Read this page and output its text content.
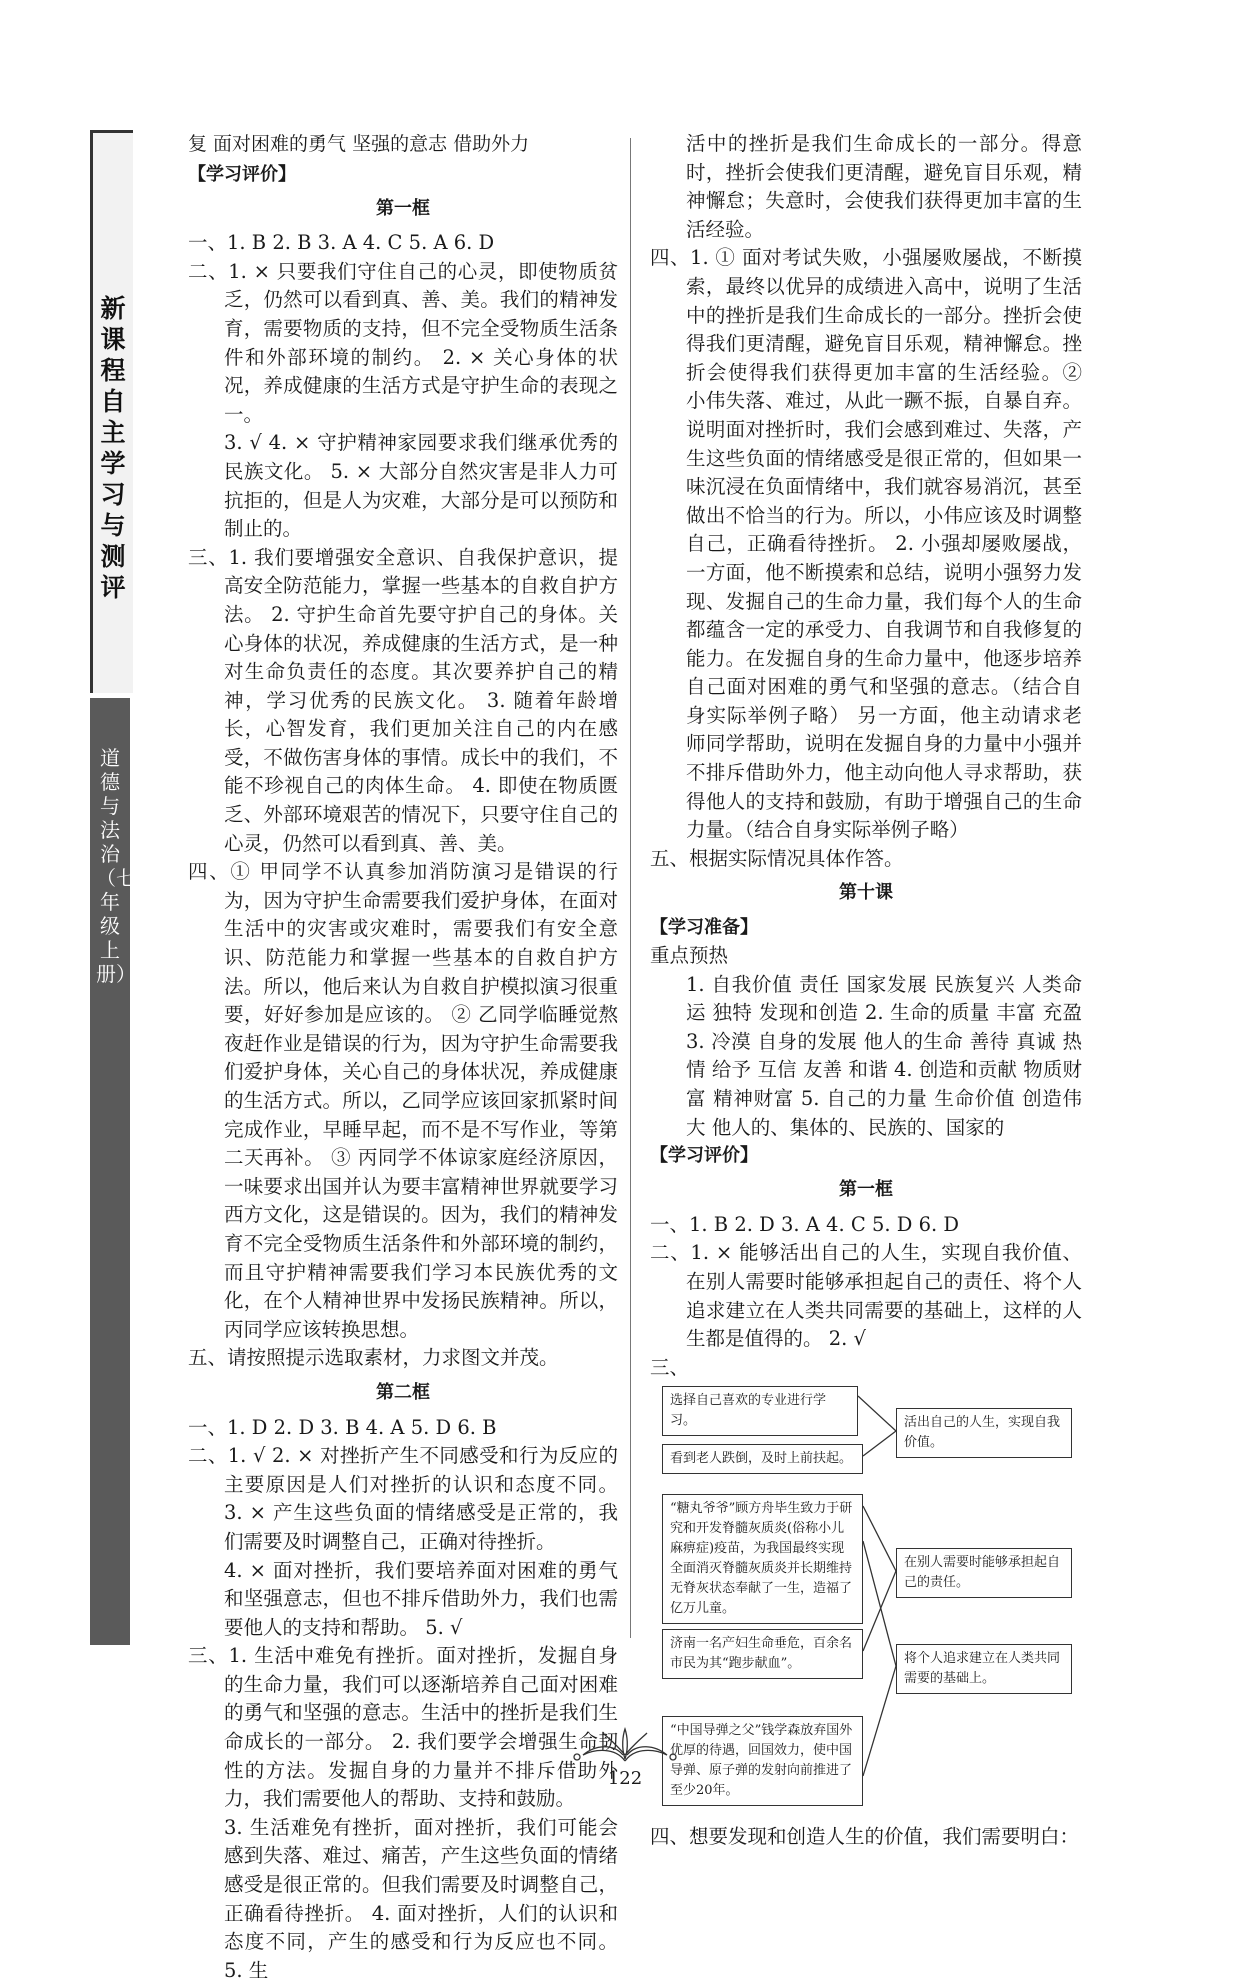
新课程自主学习与测评
道德与法治（七年级上册）

复 面对困难的勇气 坚强的意志 借助外力

【学习评价】

第一框

一、1. B 2. B 3. A 4. C 5. A 6. D

二、1. × 只要我们守住自己的心灵，即使物质贫乏，仍然可以看到真、善、美。我们的精神发育，需要物质的支持，但不完全受物质生活条件和外部环境的制约。 2. × 关心身体的状况，养成健康的生活方式是守护生命的表现之一。

3. √ 4. × 守护精神家园要求我们继承优秀的民族文化。 5. × 大部分自然灾害是非人力可抗拒的，但是人为灾难，大部分是可以预防和制止的。

三、1. 我们要增强安全意识、自我保护意识，提高安全防范能力，掌握一些基本的自救自护方法。 2. 守护生命首先要守护自己的身体。关心身体的状况，养成健康的生活方式，是一种对生命负责任的态度。其次要养护自己的精神，学习优秀的民族文化。 3. 随着年龄增长，心智发育，我们更加关注自己的内在感受，不做伤害身体的事情。成长中的我们，不能不珍视自己的肉体生命。 4. 即使在物质匮乏、外部环境艰苦的情况下，只要守住自己的心灵，仍然可以看到真、善、美。

四、① 甲同学不认真参加消防演习是错误的行为，因为守护生命需要我们爱护身体，在面对生活中的灾害或灾难时，需要我们有安全意识、防范能力和掌握一些基本的自救自护方法。所以，他后来认为自救自护模拟演习很重要，好好参加是应该的。 ② 乙同学临睡觉熬夜赶作业是错误的行为，因为守护生命需要我们爱护身体，关心自己的身体状况，养成健康的生活方式。所以，乙同学应该回家抓紧时间完成作业，早睡早起，而不是不写作业，等第二天再补。 ③ 丙同学不体谅家庭经济原因，一味要求出国并认为要丰富精神世界就要学习西方文化，这是错误的。因为，我们的精神发育不完全受物质生活条件和外部环境的制约，而且守护精神需要我们学习本民族优秀的文化，在个人精神世界中发扬民族精神。所以，丙同学应该转换思想。

五、请按照提示选取素材，力求图文并茂。

第二框

一、1. D 2. D 3. B 4. A 5. D 6. B

二、1. √ 2. × 对挫折产生不同感受和行为反应的主要原因是人们对挫折的认识和态度不同。 3. × 产生这些负面的情绪感受是正常的，我们需要及时调整自己，正确对待挫折。

4. × 面对挫折，我们要培养面对困难的勇气和坚强意志，但也不排斥借助外力，我们也需要他人的支持和帮助。 5. √

三、1. 生活中难免有挫折。面对挫折，发掘自身的生命力量，我们可以逐渐培养自己面对困难的勇气和坚强的意志。生活中的挫折是我们生命成长的一部分。 2. 我们要学会增强生命韧性的方法。发掘自身的力量并不排斥借助外力，我们需要他人的帮助、支持和鼓励。

3. 生活难免有挫折，面对挫折，我们可能会感到失落、难过、痛苦，产生这些负面的情绪感受是很正常的。但我们需要及时调整自己，正确看待挫折。 4. 面对挫折，人们的认识和态度不同，产生的感受和行为反应也不同。 5. 生

活中的挫折是我们生命成长的一部分。得意时，挫折会使我们更清醒，避免盲目乐观，精神懈怠；失意时，会使我们获得更加丰富的生活经验。

四、1. ① 面对考试失败，小强屡败屡战，不断摸索，最终以优异的成绩进入高中，说明了生活中的挫折是我们生命成长的一部分。挫折会使得我们更清醒，避免盲目乐观，精神懈怠。挫折会使得我们获得更加丰富的生活经验。② 小伟失落、难过，从此一蹶不振，自暴自弃。说明面对挫折时，我们会感到难过、失落，产生这些负面的情绪感受是很正常的，但如果一味沉浸在负面情绪中，我们就容易消沉，甚至做出不恰当的行为。所以，小伟应该及时调整自己，正确看待挫折。 2. 小强却屡败屡战，一方面，他不断摸索和总结，说明小强努力发现、发掘自己的生命力量，我们每个人的生命都蕴含一定的承受力、自我调节和自我修复的能力。在发掘自身的生命力量中，他逐步培养自己面对困难的勇气和坚强的意志。（结合自身实际举例子略） 另一方面，他主动请求老师同学帮助，说明在发掘自身的力量中小强并不排斥借助外力，他主动向他人寻求帮助，获得他人的支持和鼓励，有助于增强自己的生命力量。（结合自身实际举例子略）

五、根据实际情况具体作答。

第十课

【学习准备】

重点预热

1. 自我价值 责任 国家发展 民族复兴 人类命运 独特 发现和创造 2. 生命的质量 丰富 充盈 3. 冷漠 自身的发展 他人的生命 善待 真诚 热情 给予 互信 友善 和谐 4. 创造和贡献 物质财富 精神财富 5. 自己的力量 生命价值 创造伟大 他人的、集体的、民族的、国家的

【学习评价】

第一框

一、1. B 2. D 3. A 4. C 5. D 6. D

二、1. × 能够活出自己的人生，实现自我价值、在别人需要时能够承担起自己的责任、将个人追求建立在人类共同需要的基础上，这样的人生都是值得的。 2. √

三、

选择自己喜欢的专业进行学习。
看到老人跌倒，及时上前扶起。
“糖丸爷爷”顾方舟毕生致力于研究和开发脊髓灰质炎(俗称小儿麻痹症)疫苗，为我国最终实现全面消灭脊髓灰质炎并长期维持无脊灰状态奉献了一生，造福了亿万儿童。
济南一名产妇生命垂危，百余名市民为其“跑步献血”。
“中国导弹之父”钱学森放弃国外优厚的待遇，回国效力，使中国导弹、原子弹的发射向前推进了至少20年。
活出自己的人生，实现自我价值。
在别人需要时能够承担起自己的责任。
将个人追求建立在人类共同需要的基础上。

四、想要发现和创造人生的价值，我们需要明白：

122
